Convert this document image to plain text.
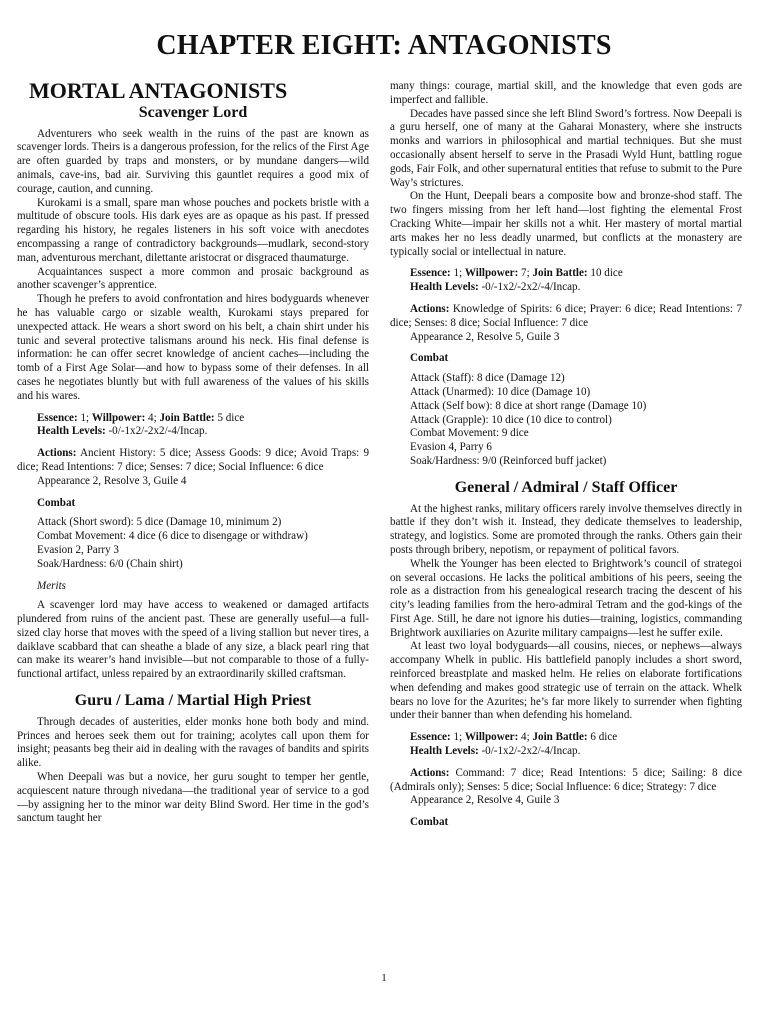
CHAPTER EIGHT: ANTAGONISTS
MORTAL ANTAGONISTS
Scavenger Lord

Adventurers who seek wealth in the ruins of the past are known as scavenger lords. Theirs is a dangerous profession, for the relics of the First Age are often guarded by traps and monsters, or by mundane dangers—wild animals, cave-ins, bad air. Surviving this gauntlet requires a good mix of courage, caution, and cunning.

Kurokami is a small, spare man whose pouches and pockets bristle with a multitude of obscure tools. His dark eyes are as opaque as his past. If pressed regarding his history, he regales listeners in his soft voice with anecdotes encompassing a range of contradictory backgrounds—mudlark, second-story man, adventurous merchant, dilettante aristocrat or disgraced thaumaturge.

Acquaintances suspect a more common and prosaic background as another scavenger’s apprentice.

Though he prefers to avoid confrontation and hires bodyguards whenever he has valuable cargo or sizable wealth, Kurokami stays prepared for unexpected attack. He wears a short sword on his belt, a chain shirt under his tunic and several protective talismans around his neck. His final defense is information: he can offer secret knowledge of ancient caches—including the tomb of a First Age Solar—and how to bypass some of their defenses. In all cases he negotiates bluntly but with full awareness of the values of his skills and his wares.

Essence: 1; Willpower: 4; Join Battle: 5 dice
Health Levels: -0/-1x2/-2x2/-4/Incap.
Actions: Ancient History: 5 dice; Assess Goods: 9 dice; Avoid Traps: 9 dice; Read Intentions: 7 dice; Senses: 7 dice; Social Influence: 6 dice
Appearance 2, Resolve 3, Guile 4
Combat
Attack (Short sword): 5 dice (Damage 10, minimum 2)
Combat Movement: 4 dice (6 dice to disengage or withdraw)
Evasion 2, Parry 3
Soak/Hardness: 6/0 (Chain shirt)
Merits

A scavenger lord may have access to weakened or damaged artifacts plundered from ruins of the ancient past. These are generally useful—a full-sized clay horse that moves with the speed of a living stallion but never tires, a daiklave scabbard that can sheathe a blade of any size, a black pearl ring that can make its wearer’s hand invisible—but not comparable to those of a fully- functional artifact, unless repaired by an extraordinarily skilled craftsman.

Guru / Lama / Martial High Priest

Through decades of austerities, elder monks hone both body and mind. Princes and heroes seek them out for training; acolytes call upon them for insight; peasants beg their aid in dealing with the ravages of bandits and spirits alike.

When Deepali was but a novice, her guru sought to temper her gentle, acquiescent nature through nivedana—the traditional year of service to a god—by assigning her to the minor war deity Blind Sword. Her time in the god’s sanctum taught her

many things: courage, martial skill, and the knowledge that even gods are imperfect and fallible.

Decades have passed since she left Blind Sword’s fortress. Now Deepali is a guru herself, one of many at the Gaharai Monastery, where she instructs monks and warriors in philosophical and martial techniques. But she must occasionally absent herself to serve in the Prasadi Wyld Hunt, battling rogue gods, Fair Folk, and other supernatural entities that refuse to submit to the Pure Way’s strictures.

On the Hunt, Deepali bears a composite bow and bronze-shod staff. The two fingers missing from her left hand—lost fighting the elemental Frost Cracking White—impair her skills not a whit. Her mastery of mortal martial arts makes her no less deadly unarmed, but conflicts at the monastery are typically social or intellectual in nature.

Essence: 1; Willpower: 7; Join Battle: 10 dice
Health Levels: -0/-1x2/-2x2/-4/Incap.
Actions: Knowledge of Spirits: 6 dice; Prayer: 6 dice; Read Intentions: 7 dice; Senses: 8 dice; Social Influence: 7 dice
Appearance 2, Resolve 5, Guile 3
Combat
Attack (Staff): 8 dice (Damage 12)
Attack (Unarmed): 10 dice (Damage 10)
Attack (Self bow): 8 dice at short range (Damage 10)
Attack (Grapple): 10 dice (10 dice to control)
Combat Movement: 9 dice
Evasion 4, Parry 6
Soak/Hardness: 9/0 (Reinforced buff jacket)
General / Admiral / Staff Officer

At the highest ranks, military officers rarely involve themselves directly in battle if they don’t wish it. Instead, they dedicate themselves to leadership, strategy, and logistics. Some are promoted through the ranks. Others gain their posts through bribery, nepotism, or repayment of political favors.

Whelk the Younger has been elected to Brightwork’s council of strategoi on several occasions. He lacks the political ambitions of his peers, seeing the role as a distraction from his genealogical research tracing the descent of his city’s leading families from the hero-admiral Tetram and the god-kings of the First Age. Still, he dare not ignore his duties—training, logistics, commanding Brightwork auxiliaries on Azurite military campaigns—lest he suffer exile.

At least two loyal bodyguards—all cousins, nieces, or nephews—always accompany Whelk in public. His battlefield panoply includes a short sword, reinforced breastplate and masked helm. He relies on elaborate fortifications when defending and makes good strategic use of terrain on the attack. Whelk bears no love for the Azurites; he’s far more likely to surrender when fighting under their banner than when defending his homeland.

Essence: 1; Willpower: 4; Join Battle: 6 dice
Health Levels: -0/-1x2/-2x2/-4/Incap.
Actions: Command: 7 dice; Read Intentions: 5 dice; Sailing: 8 dice (Admirals only); Senses: 5 dice; Social Influence: 6 dice; Strategy: 7 dice
Appearance 2, Resolve 4, Guile 3
Combat
1
